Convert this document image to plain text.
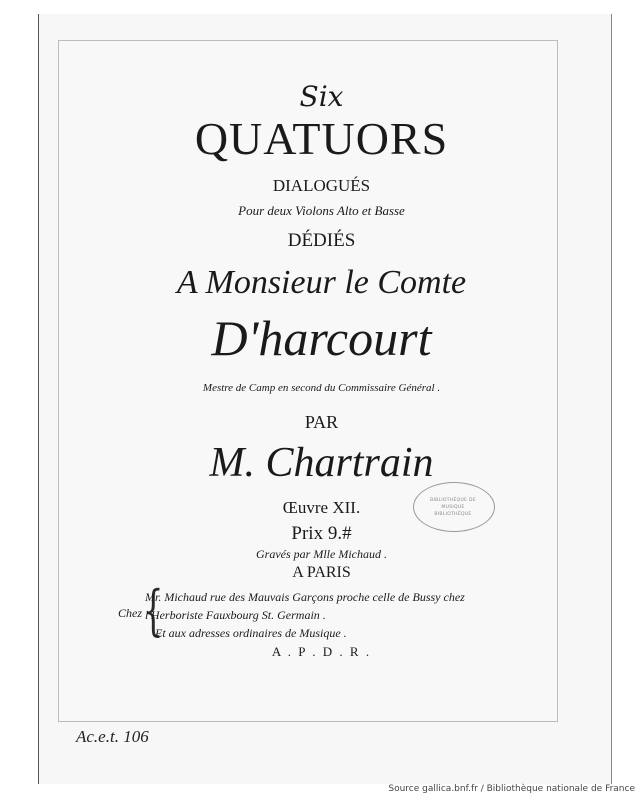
Six
QUATUORS
DIALOGUÉS
Pour deux Violons Alto et Basse
DÉDIÉS
A Monsieur le Comte
D'harcourt
Mestre de Camp en second du Commissaire Général .
PAR
M. Chartrain
Œuvre XII.
Prix 9.#
Gravés par Mlle Michaud .
A PARIS
Chez {
Mr. Michaud rue des Mauvais Garçons proche celle de Bussy chez
l'Herboriste Fauxbourg St. Germain .
Et aux adresses ordinaires de Musique .
A . P . D . R .
BIBLIOTHÈQUE DE MUSIQUE
BIBLIOTHÈQUE
Ac.e.t. 106
Source gallica.bnf.fr / Bibliothèque nationale de France
